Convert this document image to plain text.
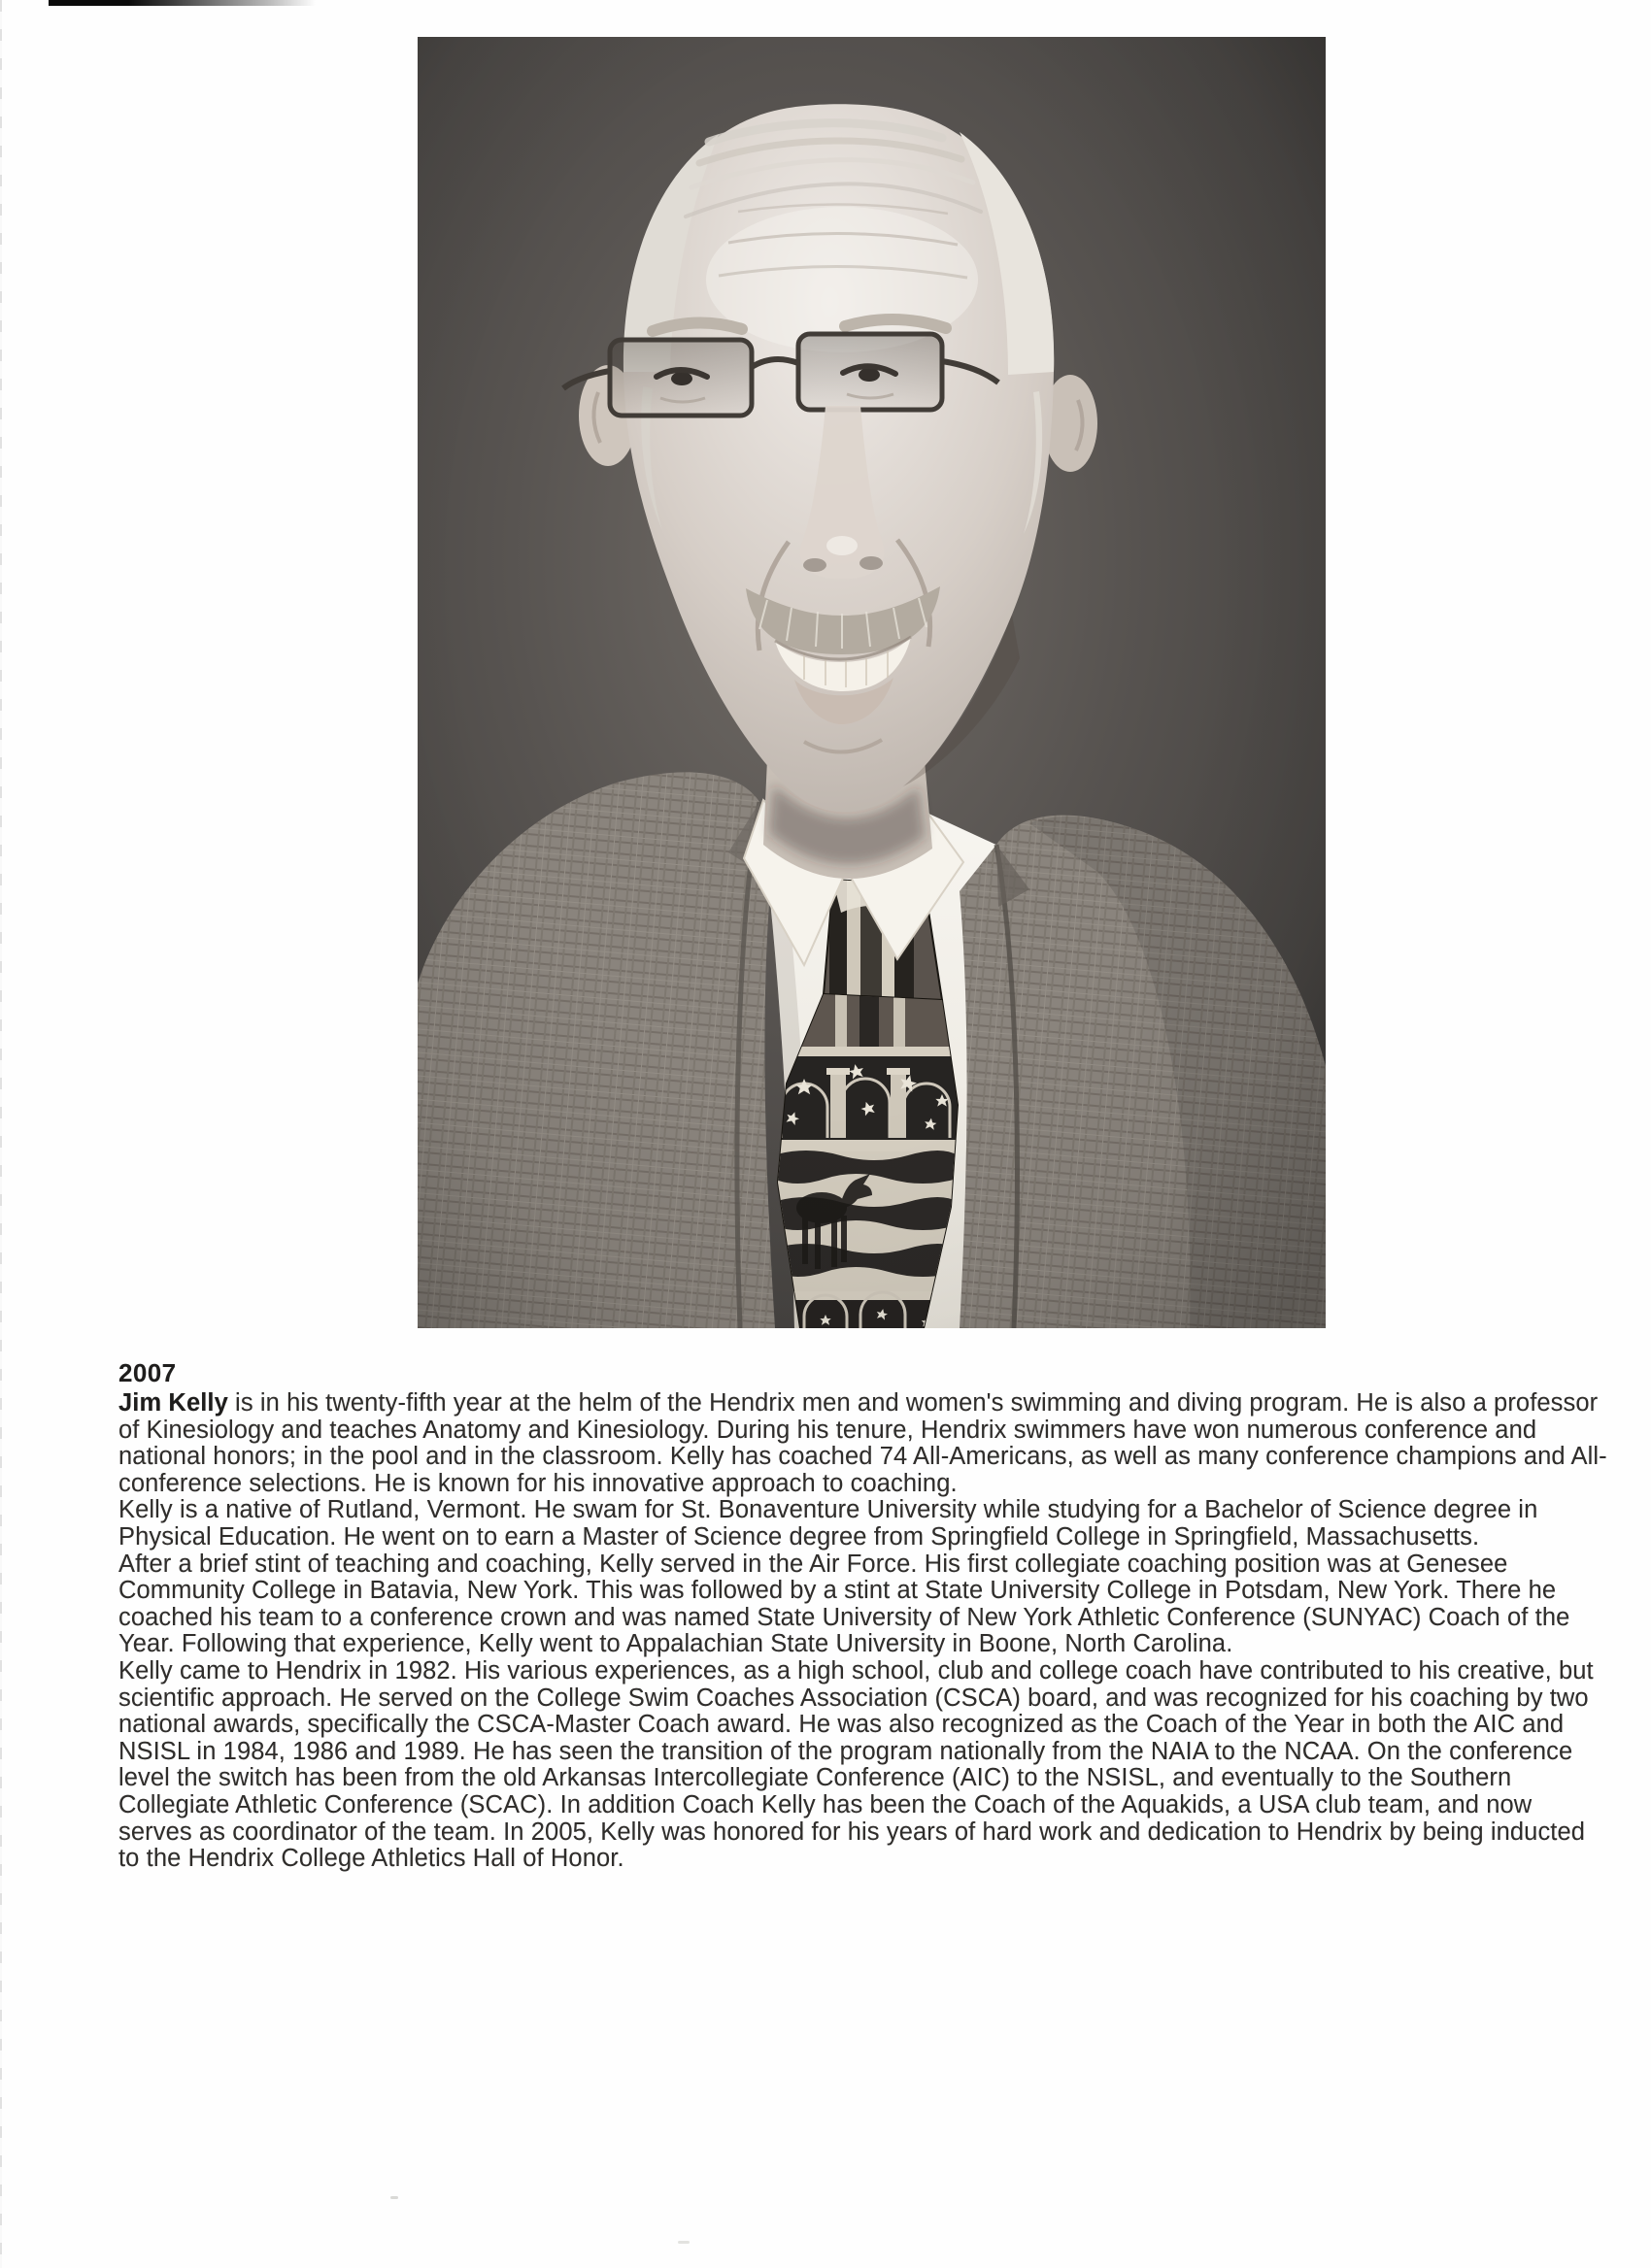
2007

Jim Kelly is in his twenty-fifth year at the helm of the Hendrix men and women's swimming and diving program. He is also a professor of Kinesiology and teaches Anatomy and Kinesiology. During his tenure, Hendrix swimmers have won numerous conference and national honors; in the pool and in the classroom. Kelly has coached 74 All-Americans, as well as many conference champions and All-conference selections. He is known for his innovative approach to coaching.

Kelly is a native of Rutland, Vermont. He swam for St. Bonaventure University while studying for a Bachelor of Science degree in Physical Education. He went on to earn a Master of Science degree from Springfield College in Springfield, Massachusetts.

After a brief stint of teaching and coaching, Kelly served in the Air Force. His first collegiate coaching position was at Genesee Community College in Batavia, New York. This was followed by a stint at State University College in Potsdam, New York. There he coached his team to a conference crown and was named State University of New York Athletic Conference (SUNYAC) Coach of the Year. Following that experience, Kelly went to Appalachian State University in Boone, North Carolina.

Kelly came to Hendrix in 1982. His various experiences, as a high school, club and college coach have contributed to his creative, but scientific approach. He served on the College Swim Coaches Association (CSCA) board, and was recognized for his coaching by two national awards, specifically the CSCA-Master Coach award. He was also recognized as the Coach of the Year in both the AIC and NSISL in 1984, 1986 and 1989. He has seen the transition of the program nationally from the NAIA to the NCAA. On the conference level the switch has been from the old Arkansas Intercollegiate Conference (AIC) to the NSISL, and eventually to the Southern Collegiate Athletic Conference (SCAC). In addition Coach Kelly has been the Coach of the Aquakids, a USA club team, and now serves as coordinator of the team. In 2005, Kelly was honored for his years of hard work and dedication to Hendrix by being inducted to the Hendrix College Athletics Hall of Honor.
